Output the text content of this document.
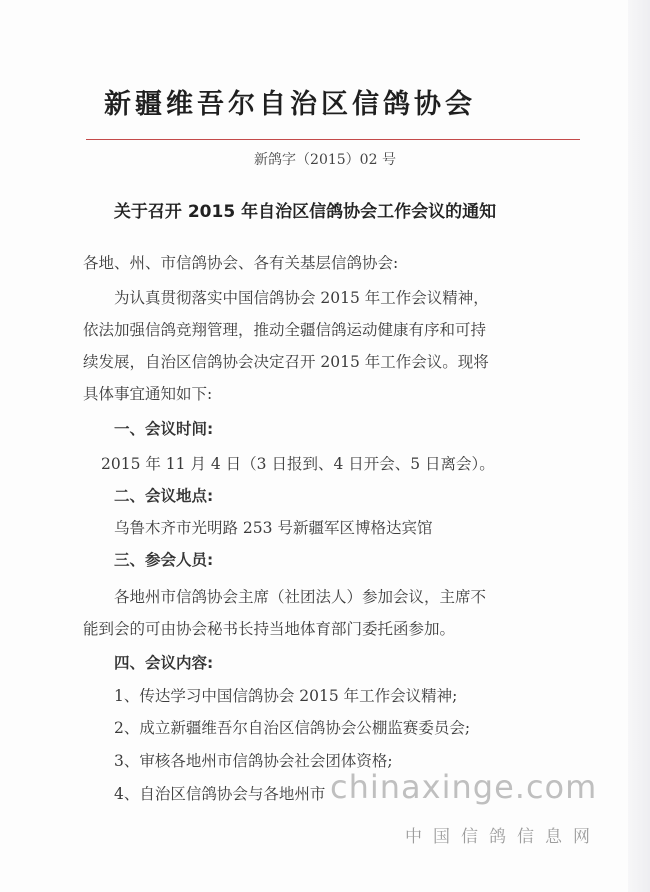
新疆维吾尔自治区信鸽协会

新鸽字（2015）02 号

关于召开 2015 年自治区信鸽协会工作会议的通知

各地、州、市信鸽协会、各有关基层信鸽协会:

为认真贯彻落实中国信鸽协会 2015 年工作会议精神，

依法加强信鸽竞翔管理，推动全疆信鸽运动健康有序和可持

续发展，自治区信鸽协会决定召开 2015 年工作会议。现将

具体事宜通知如下:

一、会议时间:

2015 年 11 月 4 日（3 日报到、4 日开会、5 日离会）。

二、会议地点:

乌鲁木齐市光明路 253 号新疆军区博格达宾馆

三、参会人员:

各地州市信鸽协会主席（社团法人）参加会议，主席不

能到会的可由协会秘书长持当地体育部门委托函参加。

四、会议内容:

1、传达学习中国信鸽协会 2015 年工作会议精神;

2、成立新疆维吾尔自治区信鸽协会公棚监赛委员会;

3、审核各地州市信鸽协会社会团体资格;

4、自治区信鸽协会与各地州市 chinaxinge.com

中国信鸽信息网
